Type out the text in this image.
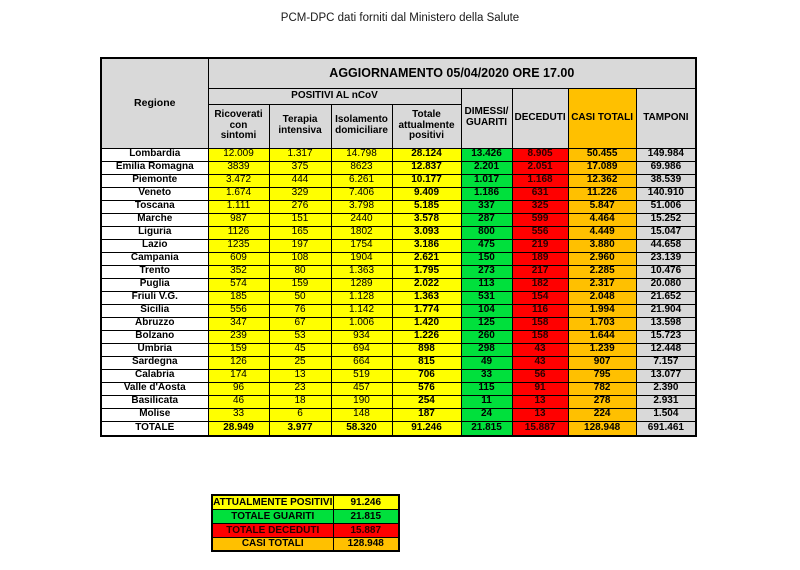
PCM-DPC dati forniti dal Ministero della Salute
Regione	AGGIORNAMENTO 05/04/2020 ORE 17.00							
	POSITIVI AL nCoV				DIMESSI/ GUARITI	DECEDUTI	CASI TOTALI	TAMPONI
	Ricoverati con sintomi	Terapia intensiva	Isolamento domiciliare	Totale attualmente positivi				
Lombardia	12.009	1.317	14.798	28.124	13.426	8.905	50.455	149.984
Emilia Romagna	3839	375	8623	12.837	2.201	2.051	17.089	69.986
Piemonte	3.472	444	6.261	10.177	1.017	1.168	12.362	38.539
Veneto	1.674	329	7.406	9.409	1.186	631	11.226	140.910
Toscana	1.111	276	3.798	5.185	337	325	5.847	51.006
Marche	987	151	2440	3.578	287	599	4.464	15.252
Liguria	1126	165	1802	3.093	800	556	4.449	15.047
Lazio	1235	197	1754	3.186	475	219	3.880	44.658
Campania	609	108	1904	2.621	150	189	2.960	23.139
Trento	352	80	1.363	1.795	273	217	2.285	10.476
Puglia	574	159	1289	2.022	113	182	2.317	20.080
Friuli V.G.	185	50	1.128	1.363	531	154	2.048	21.652
Sicilia	556	76	1.142	1.774	104	116	1.994	21.904
Abruzzo	347	67	1.006	1.420	125	158	1.703	13.598
Bolzano	239	53	934	1.226	260	158	1.644	15.723
Umbria	159	45	694	898	298	43	1.239	12.448
Sardegna	126	25	664	815	49	43	907	7.157
Calabria	174	13	519	706	33	56	795	13.077
Valle d'Aosta	96	23	457	576	115	91	782	2.390
Basilicata	46	18	190	254	11	13	278	2.931
Molise	33	6	148	187	24	13	224	1.504
TOTALE	28.949	3.977	58.320	91.246	21.815	15.887	128.948	691.461
ATTUALMENTE POSITIVI	91.246
TOTALE GUARITI	21.815
TOTALE DECEDUTI	15.887
CASI TOTALI	128.948
